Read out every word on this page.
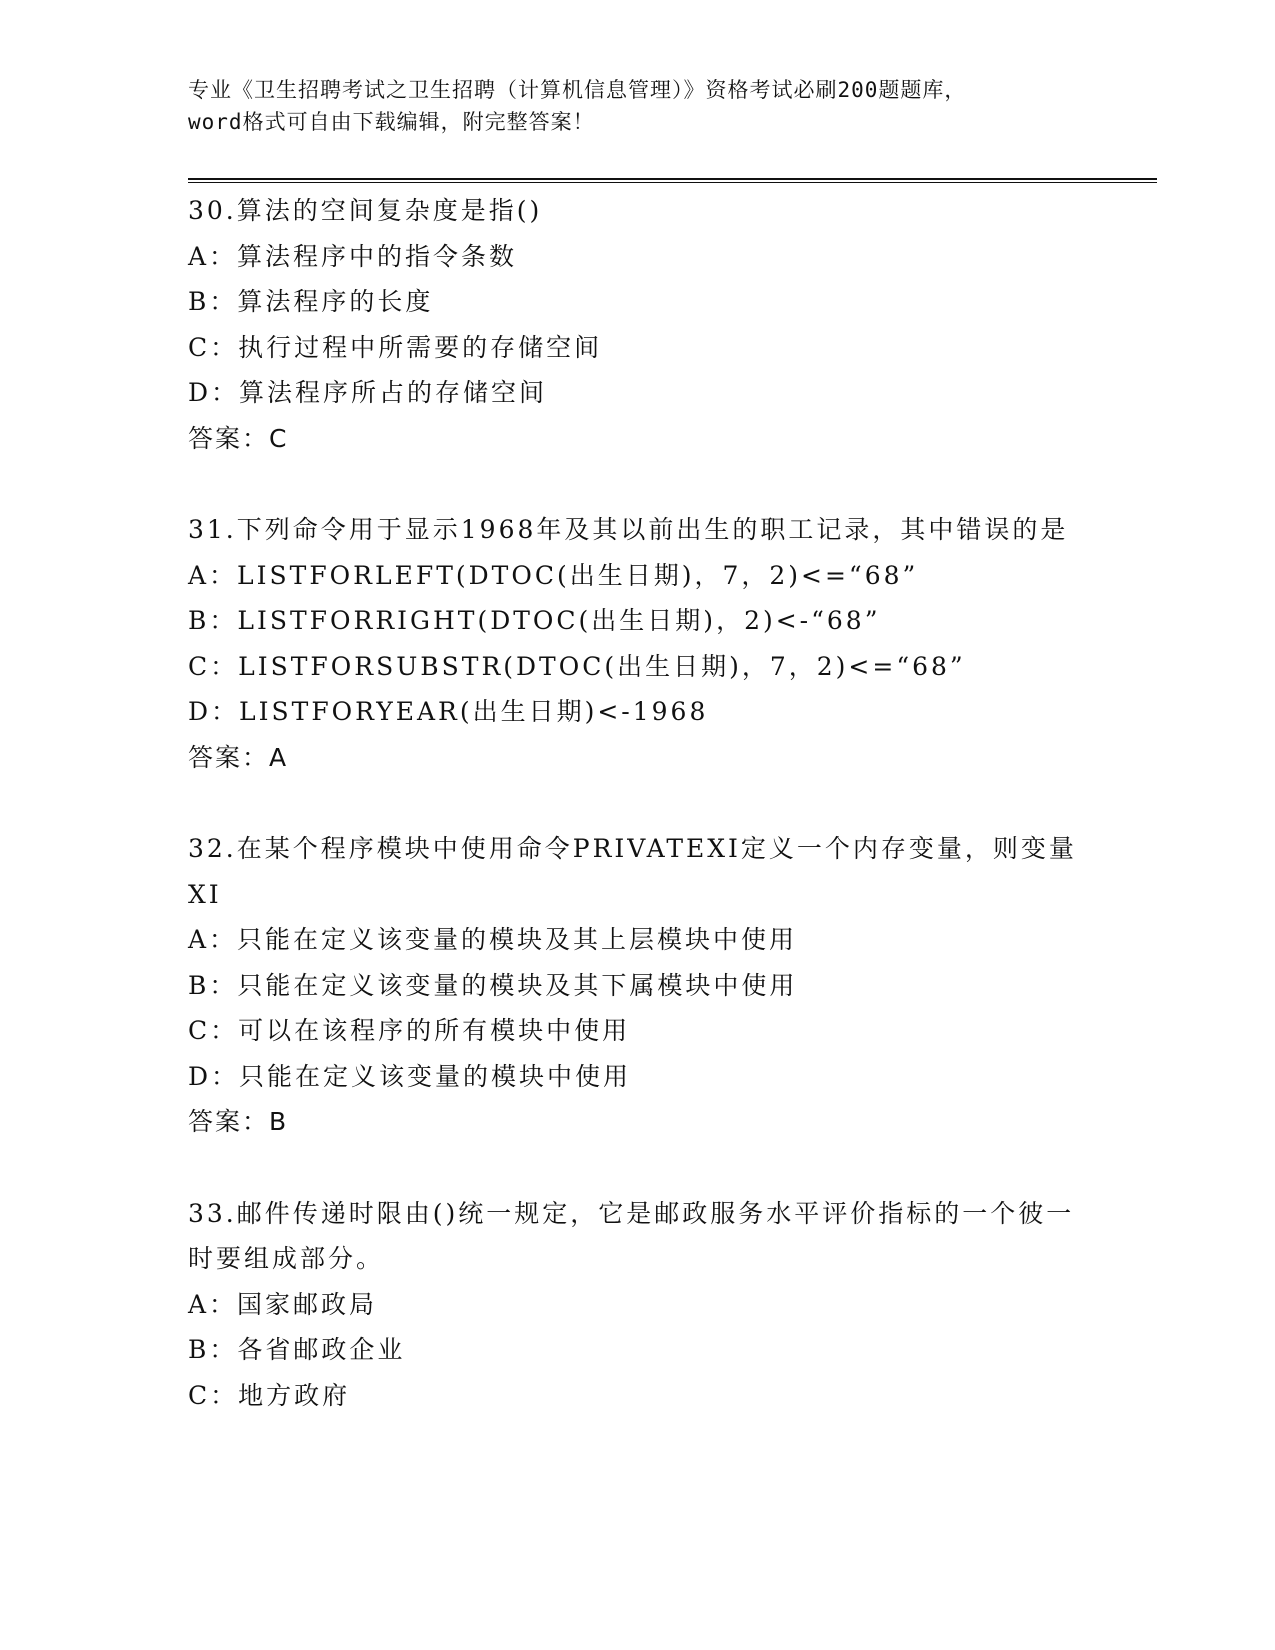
专业《卫生招聘考试之卫生招聘（计算机信息管理）》资格考试必刷200题题库，
word格式可自由下载编辑，附完整答案！
30.算法的空间复杂度是指()
A：算法程序中的指令条数
B：算法程序的长度
C：执行过程中所需要的存储空间
D：算法程序所占的存储空间
答案：C
31.下列命令用于显示1968年及其以前出生的职工记录，其中错误的是
A：LISTFORLEFT(DTOC(出生日期)，7，2)<=“68”
B：LISTFORRIGHT(DTOC(出生日期)，2)<-“68”
C：LISTFORSUBSTR(DTOC(出生日期)，7，2)<=“68”
D：LISTFORYEAR(出生日期)<-1968
答案：A
32.在某个程序模块中使用命令PRIVATEXI定义一个内存变量，则变量XI
A：只能在定义该变量的模块及其上层模块中使用
B：只能在定义该变量的模块及其下属模块中使用
C：可以在该程序的所有模块中使用
D：只能在定义该变量的模块中使用
答案：B
33.邮件传递时限由()统一规定，它是邮政服务水平评价指标的一个彼一时要组成部分。
A：国家邮政局
B：各省邮政企业
C：地方政府
